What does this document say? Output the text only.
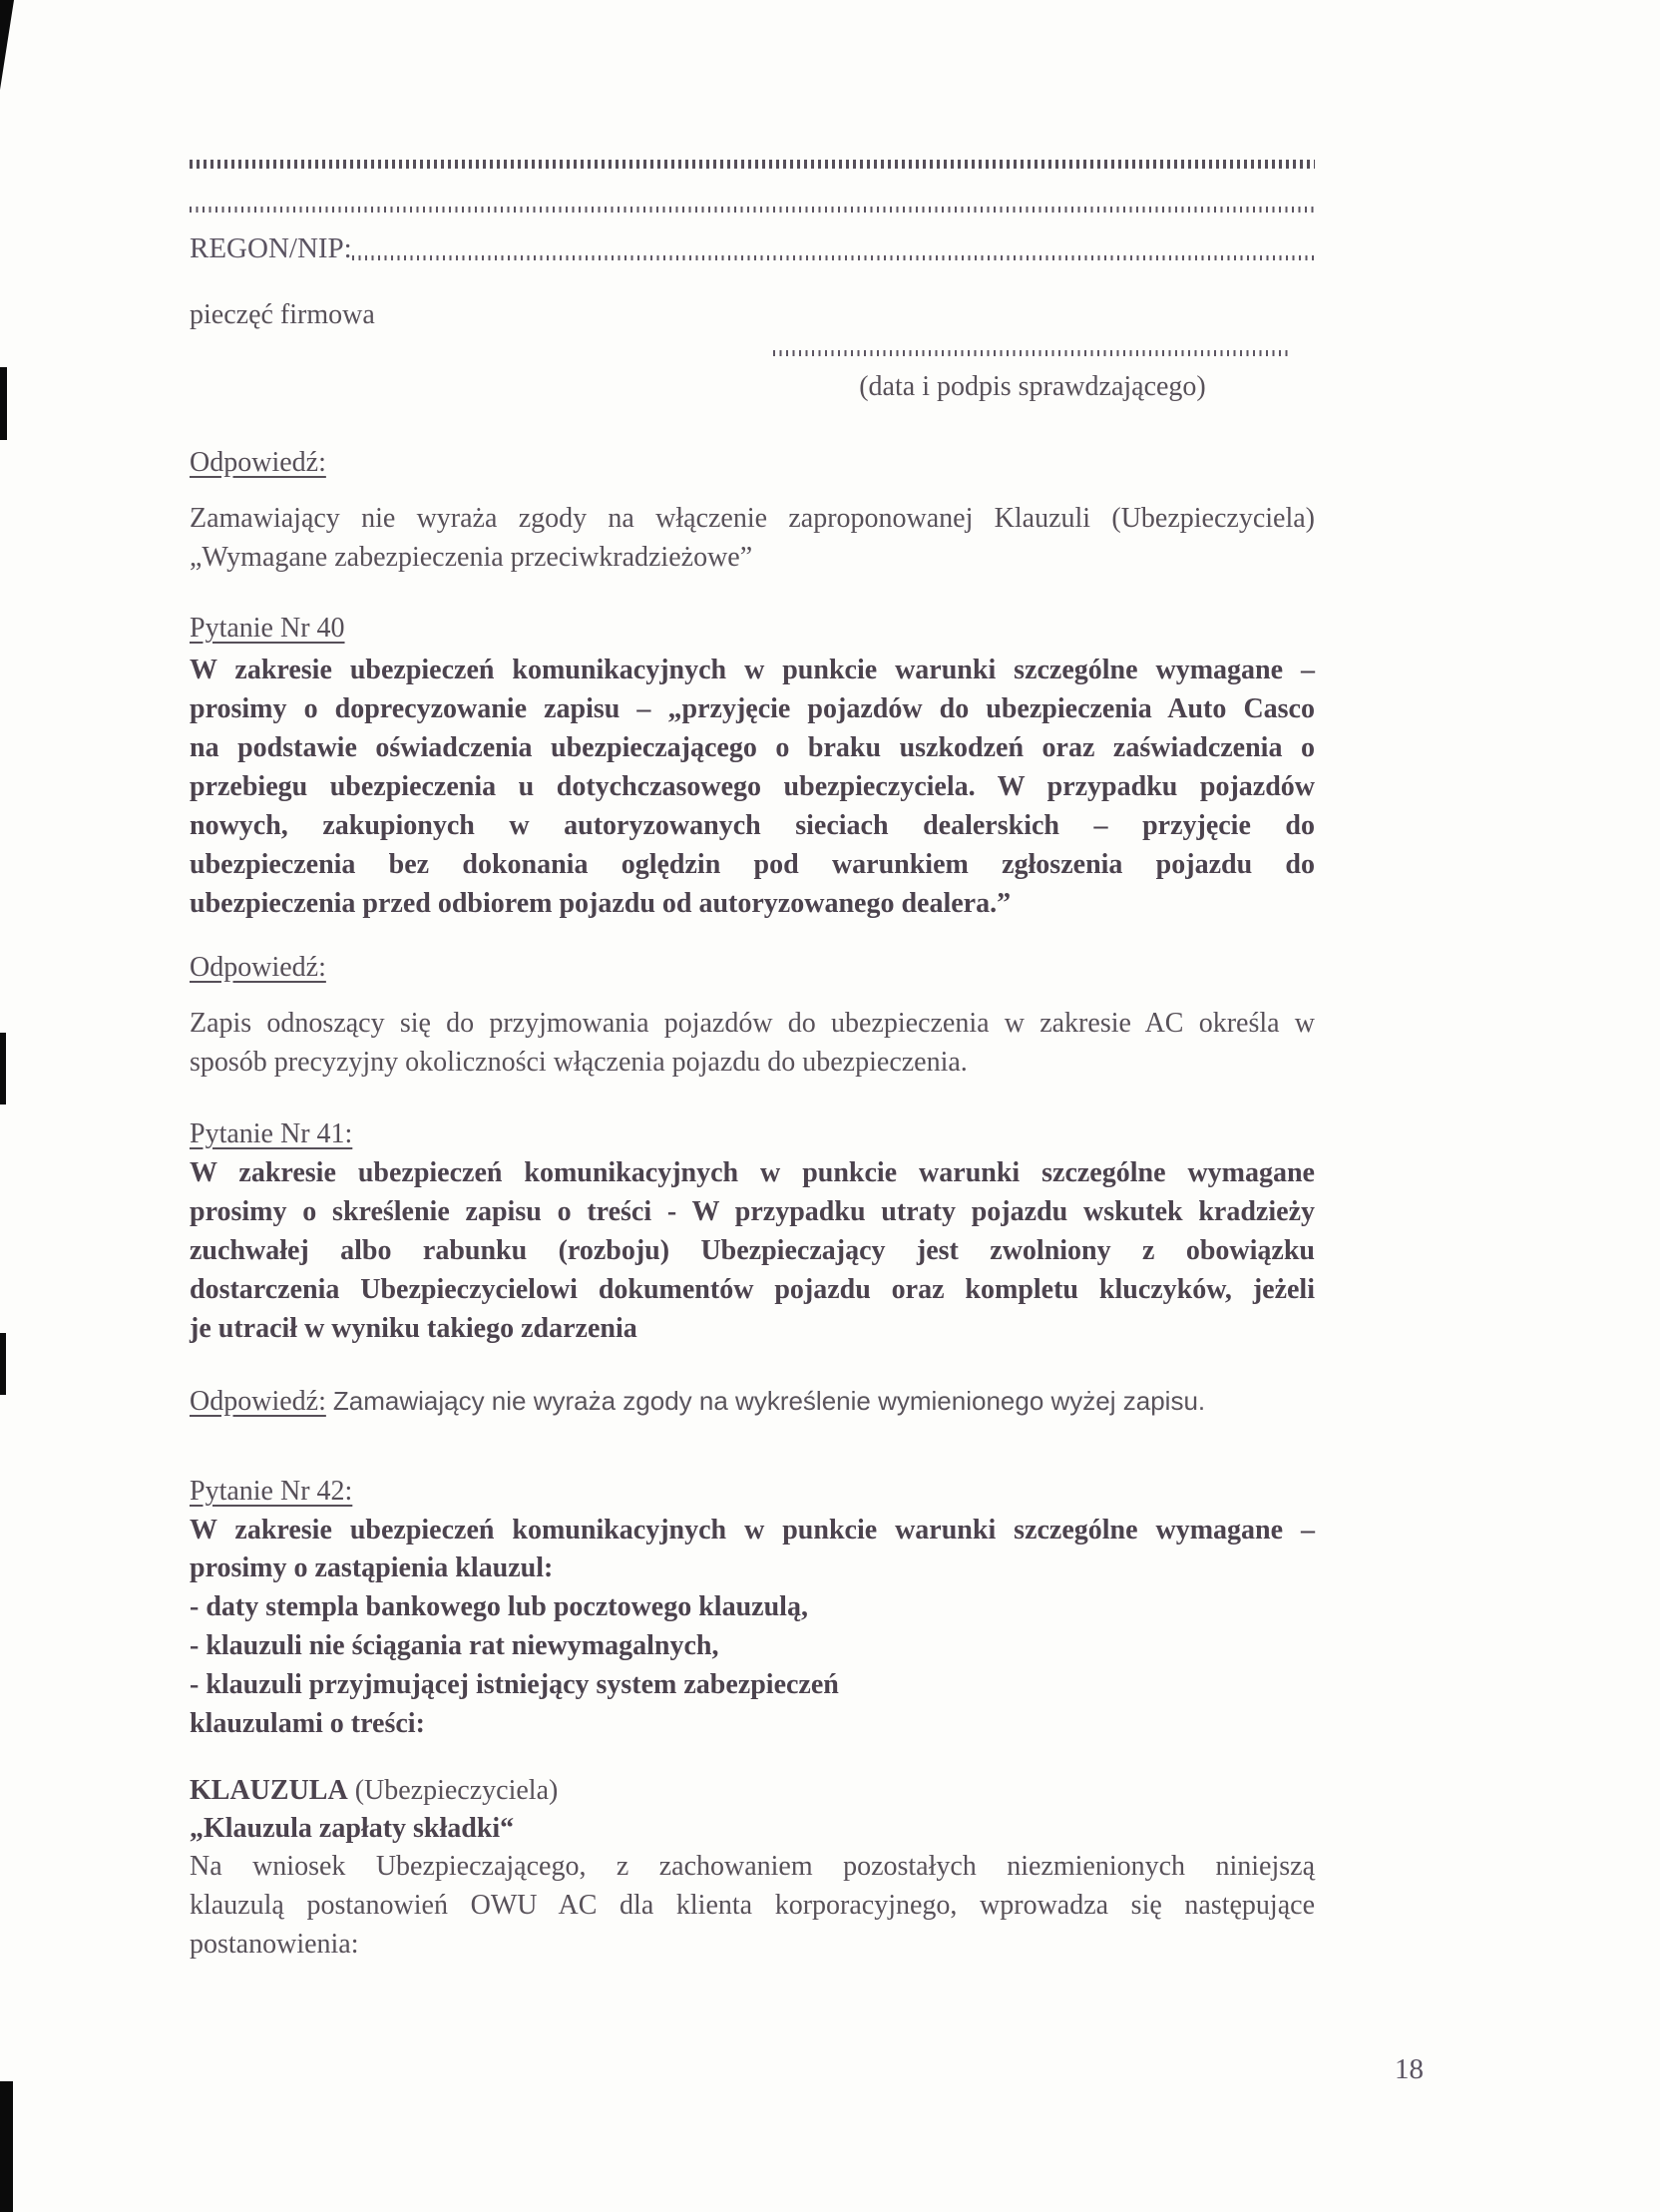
REGON/NIP:
pieczęć firmowa
(data i podpis sprawdzającego)
Odpowiedź:
Zamawiający nie wyraża zgody na włączenie zaproponowanej Klauzuli (Ubezpieczyciela)
„Wymagane zabezpieczenia przeciwkradzieżowe”
Pytanie Nr 40
W zakresie ubezpieczeń komunikacyjnych w punkcie warunki szczególne wymagane –
prosimy o doprecyzowanie zapisu – „przyjęcie pojazdów do ubezpieczenia Auto Casco
na podstawie oświadczenia ubezpieczającego o braku uszkodzeń oraz zaświadczenia o
przebiegu ubezpieczenia u dotychczasowego ubezpieczyciela. W przypadku pojazdów
nowych, zakupionych w autoryzowanych sieciach dealerskich – przyjęcie do
ubezpieczenia bez dokonania oględzin pod warunkiem zgłoszenia pojazdu do
ubezpieczenia przed odbiorem pojazdu od autoryzowanego dealera.”
Odpowiedź:
Zapis odnoszący się do przyjmowania pojazdów do ubezpieczenia w zakresie AC określa w
sposób precyzyjny okoliczności włączenia pojazdu do ubezpieczenia.
Pytanie Nr 41:
W zakresie ubezpieczeń komunikacyjnych w punkcie warunki szczególne wymagane
prosimy o skreślenie zapisu o treści - W przypadku utraty pojazdu wskutek kradzieży
zuchwałej albo rabunku (rozboju) Ubezpieczający jest zwolniony z obowiązku
dostarczenia Ubezpieczycielowi dokumentów pojazdu oraz kompletu kluczyków, jeżeli
je utracił w wyniku takiego zdarzenia
Odpowiedź: Zamawiający nie wyraża zgody na wykreślenie wymienionego wyżej zapisu.
Pytanie Nr 42:
W zakresie ubezpieczeń komunikacyjnych w punkcie warunki szczególne wymagane –
prosimy o zastąpienia klauzul:
- daty stempla bankowego lub pocztowego klauzulą,
- klauzuli nie ściągania rat niewymagalnych,
- klauzuli przyjmującej istniejący system zabezpieczeń
klauzulami o treści:
KLAUZULA (Ubezpieczyciela)
„Klauzula zapłaty składki“
Na wniosek Ubezpieczającego, z zachowaniem pozostałych niezmienionych niniejszą
klauzulą postanowień OWU AC dla klienta korporacyjnego, wprowadza się następujące
postanowienia:
18
